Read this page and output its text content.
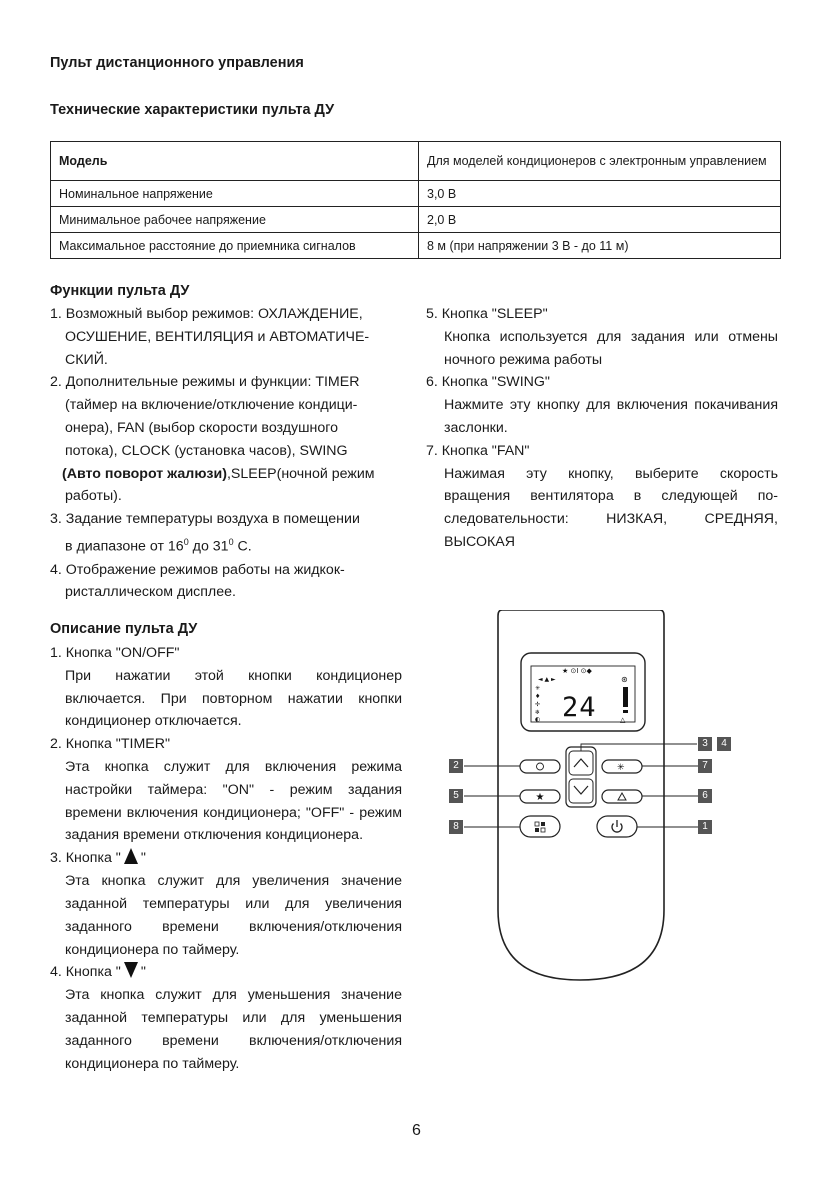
Пульт дистанционного управления
Технические характеристики пульта ДУ
Модель	Для моделей кондиционеров с электронным управлением
Номинальное напряжение	3,0 В
Минимальное рабочее напряжение	2,0 В
Максимальное расстояние до приемника сигналов	8 м (при напряжении 3 В - до 11 м)
Функции пульта ДУ

1. Возможный выбор режимов: ОХЛАЖДЕНИЕ,

ОСУШЕНИЕ, ВЕНТИЛЯЦИЯ и АВТОМАТИЧЕ-

СКИЙ.

2. Дополнительные режимы и функции: TIMER

(таймер на включение/отключение кондици-

онера), FAN (выбор скорости воздушного

потока), CLOCK (установка часов), SWING

(Авто поворот жалюзи),SLEEP(ночной режим

работы).

3. Задание температуры воздуха в помещении

в диапазоне от $16^0$ до $31^0$ С.

4. Отображение режимов работы на жидкок-

ристаллическом дисплее.

5. Кнопка "SLEEP"

Кнопка используется для задания или отмены ночного режима работы

6. Кнопка "SWING"

Нажмите эту кнопку для включения покачивания заслонки.

7. Кнопка "FAN"

Нажимая эту кнопку, выберите скорость

вращения вентилятора в следующей по-

следовательности:	НИЗКАЯ,	СРЕДНЯЯ,

ВЫСОКАЯ

Описание пульта ДУ

1. Кнопка "ON/OFF"

При нажатии этой кнопки кондиционер включается. При повторном нажатии кнопки кондиционер отключается.

2. Кнопка "TIMER"

Эта кнопка служит для включения режима настройки таймера: "ON" - режим задания времени включения кондиционера; "OFF" - режим задания времени отключения кондиционера.

3. Кнопка " "

Эта кнопка служит для увеличения значение заданной температуры или для увеличения заданного времени включения/отключения кондиционера по таймеру.

4. Кнопка " "

Эта кнопка служит для уменьшения значение заданной температуры или для уменьшения заданного времени включения/отключения кондиционера по таймеру.

★ ⊙I ⊙◆
◄ ▲ ►
✳
♦
✢
❄
◐
⊛
24	△
★
✳
2
5
8
3	4
7
6
1
6
